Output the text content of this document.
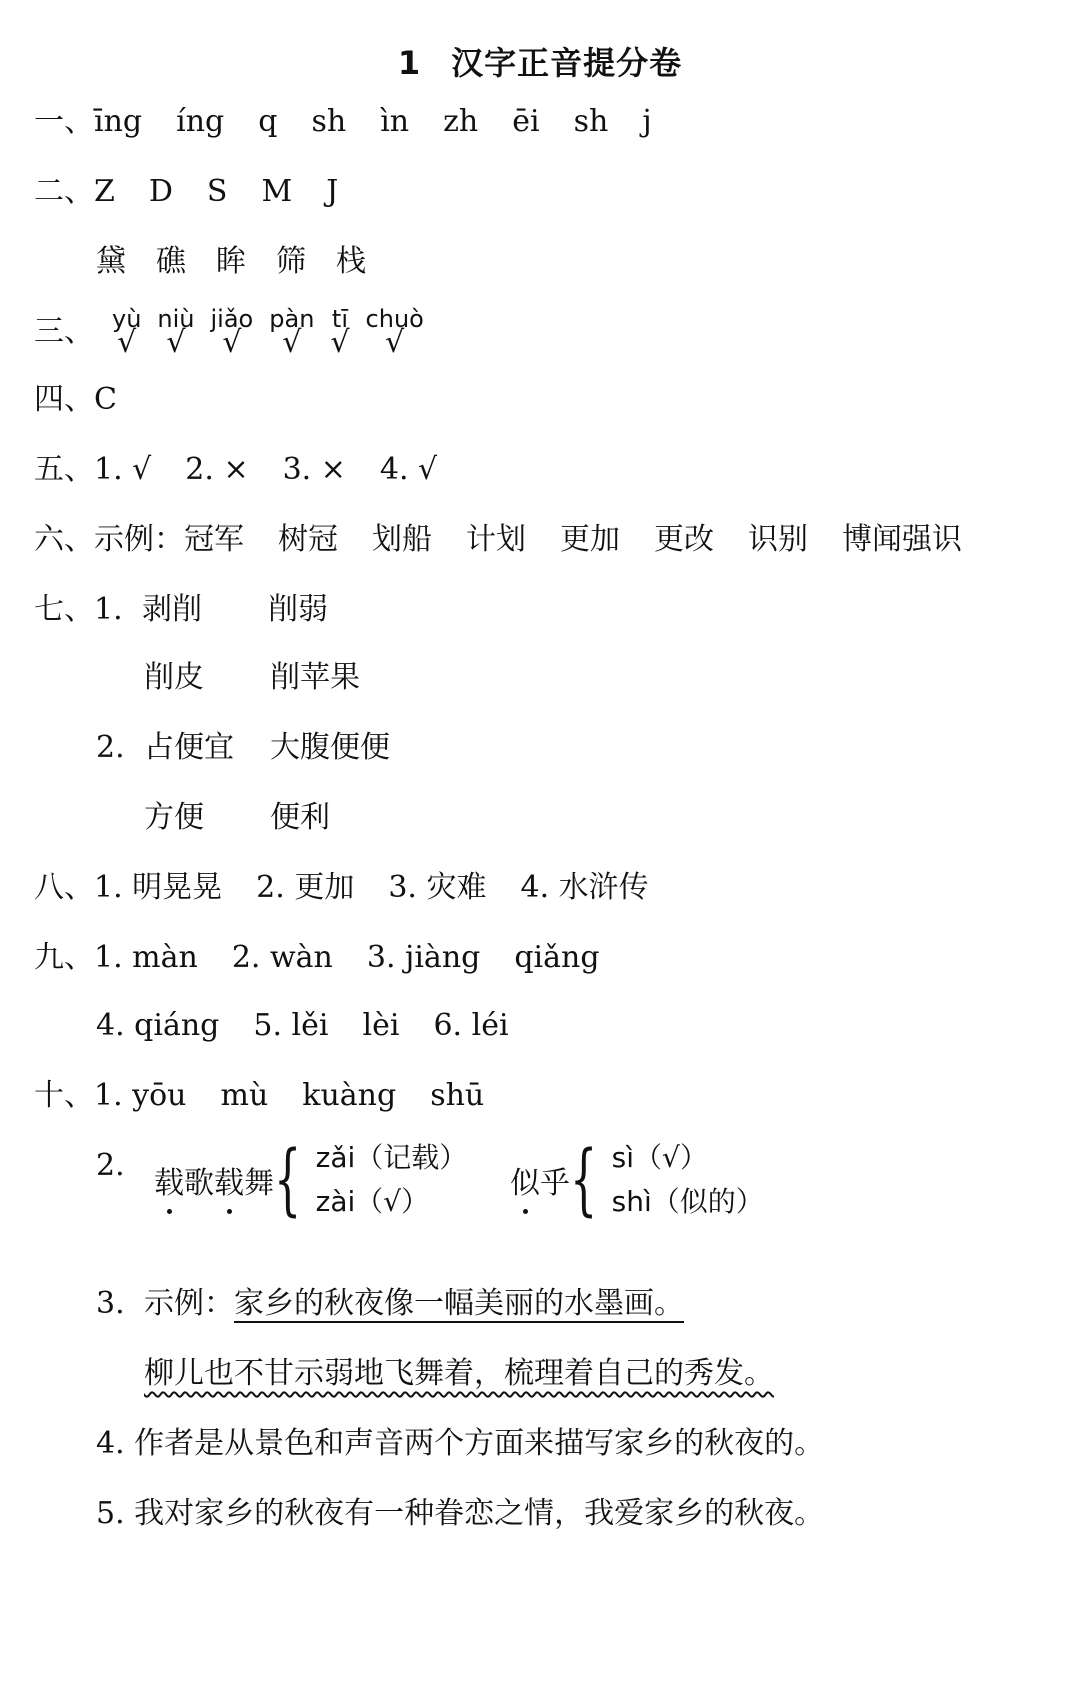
1 汉字正音提分卷
一、īng íng q sh ìn zh ēi sh j
二、Z D S M J
黛 礁 眸 筛 栈
三、 yù
√
niù
√
jiǎo
√
pàn
√
tī
√
chuò
√
四、C
五、1. √ 2. × 3. × 4. √
六、示例：冠军 树冠 划船 计划 更加 更改 识别 博闻强识
七、1. 剥削 削弱
削皮 削苹果
2. 占便宜 大腹便便
方便 便利
八、1. 明晃晃 2. 更加 3. 灾难 4. 水浒传
九、1. màn 2. wàn 3. jiàng qiǎng
4. qiáng 5. lěi lèi 6. léi
十、1. yōu mù kuàng shū
2.
载
歌载
舞{ zǎi（记载）
zài（√）
似
乎{ sì（√）
shì（似的）
3. 示例：家乡的秋夜像一幅美丽的水墨画。
柳儿也不甘示弱地飞舞着，梳理着自己的秀发。
4. 作者是从景色和声音两个方面来描写家乡的秋夜的。
5. 我对家乡的秋夜有一种眷恋之情，我爱家乡的秋夜。
